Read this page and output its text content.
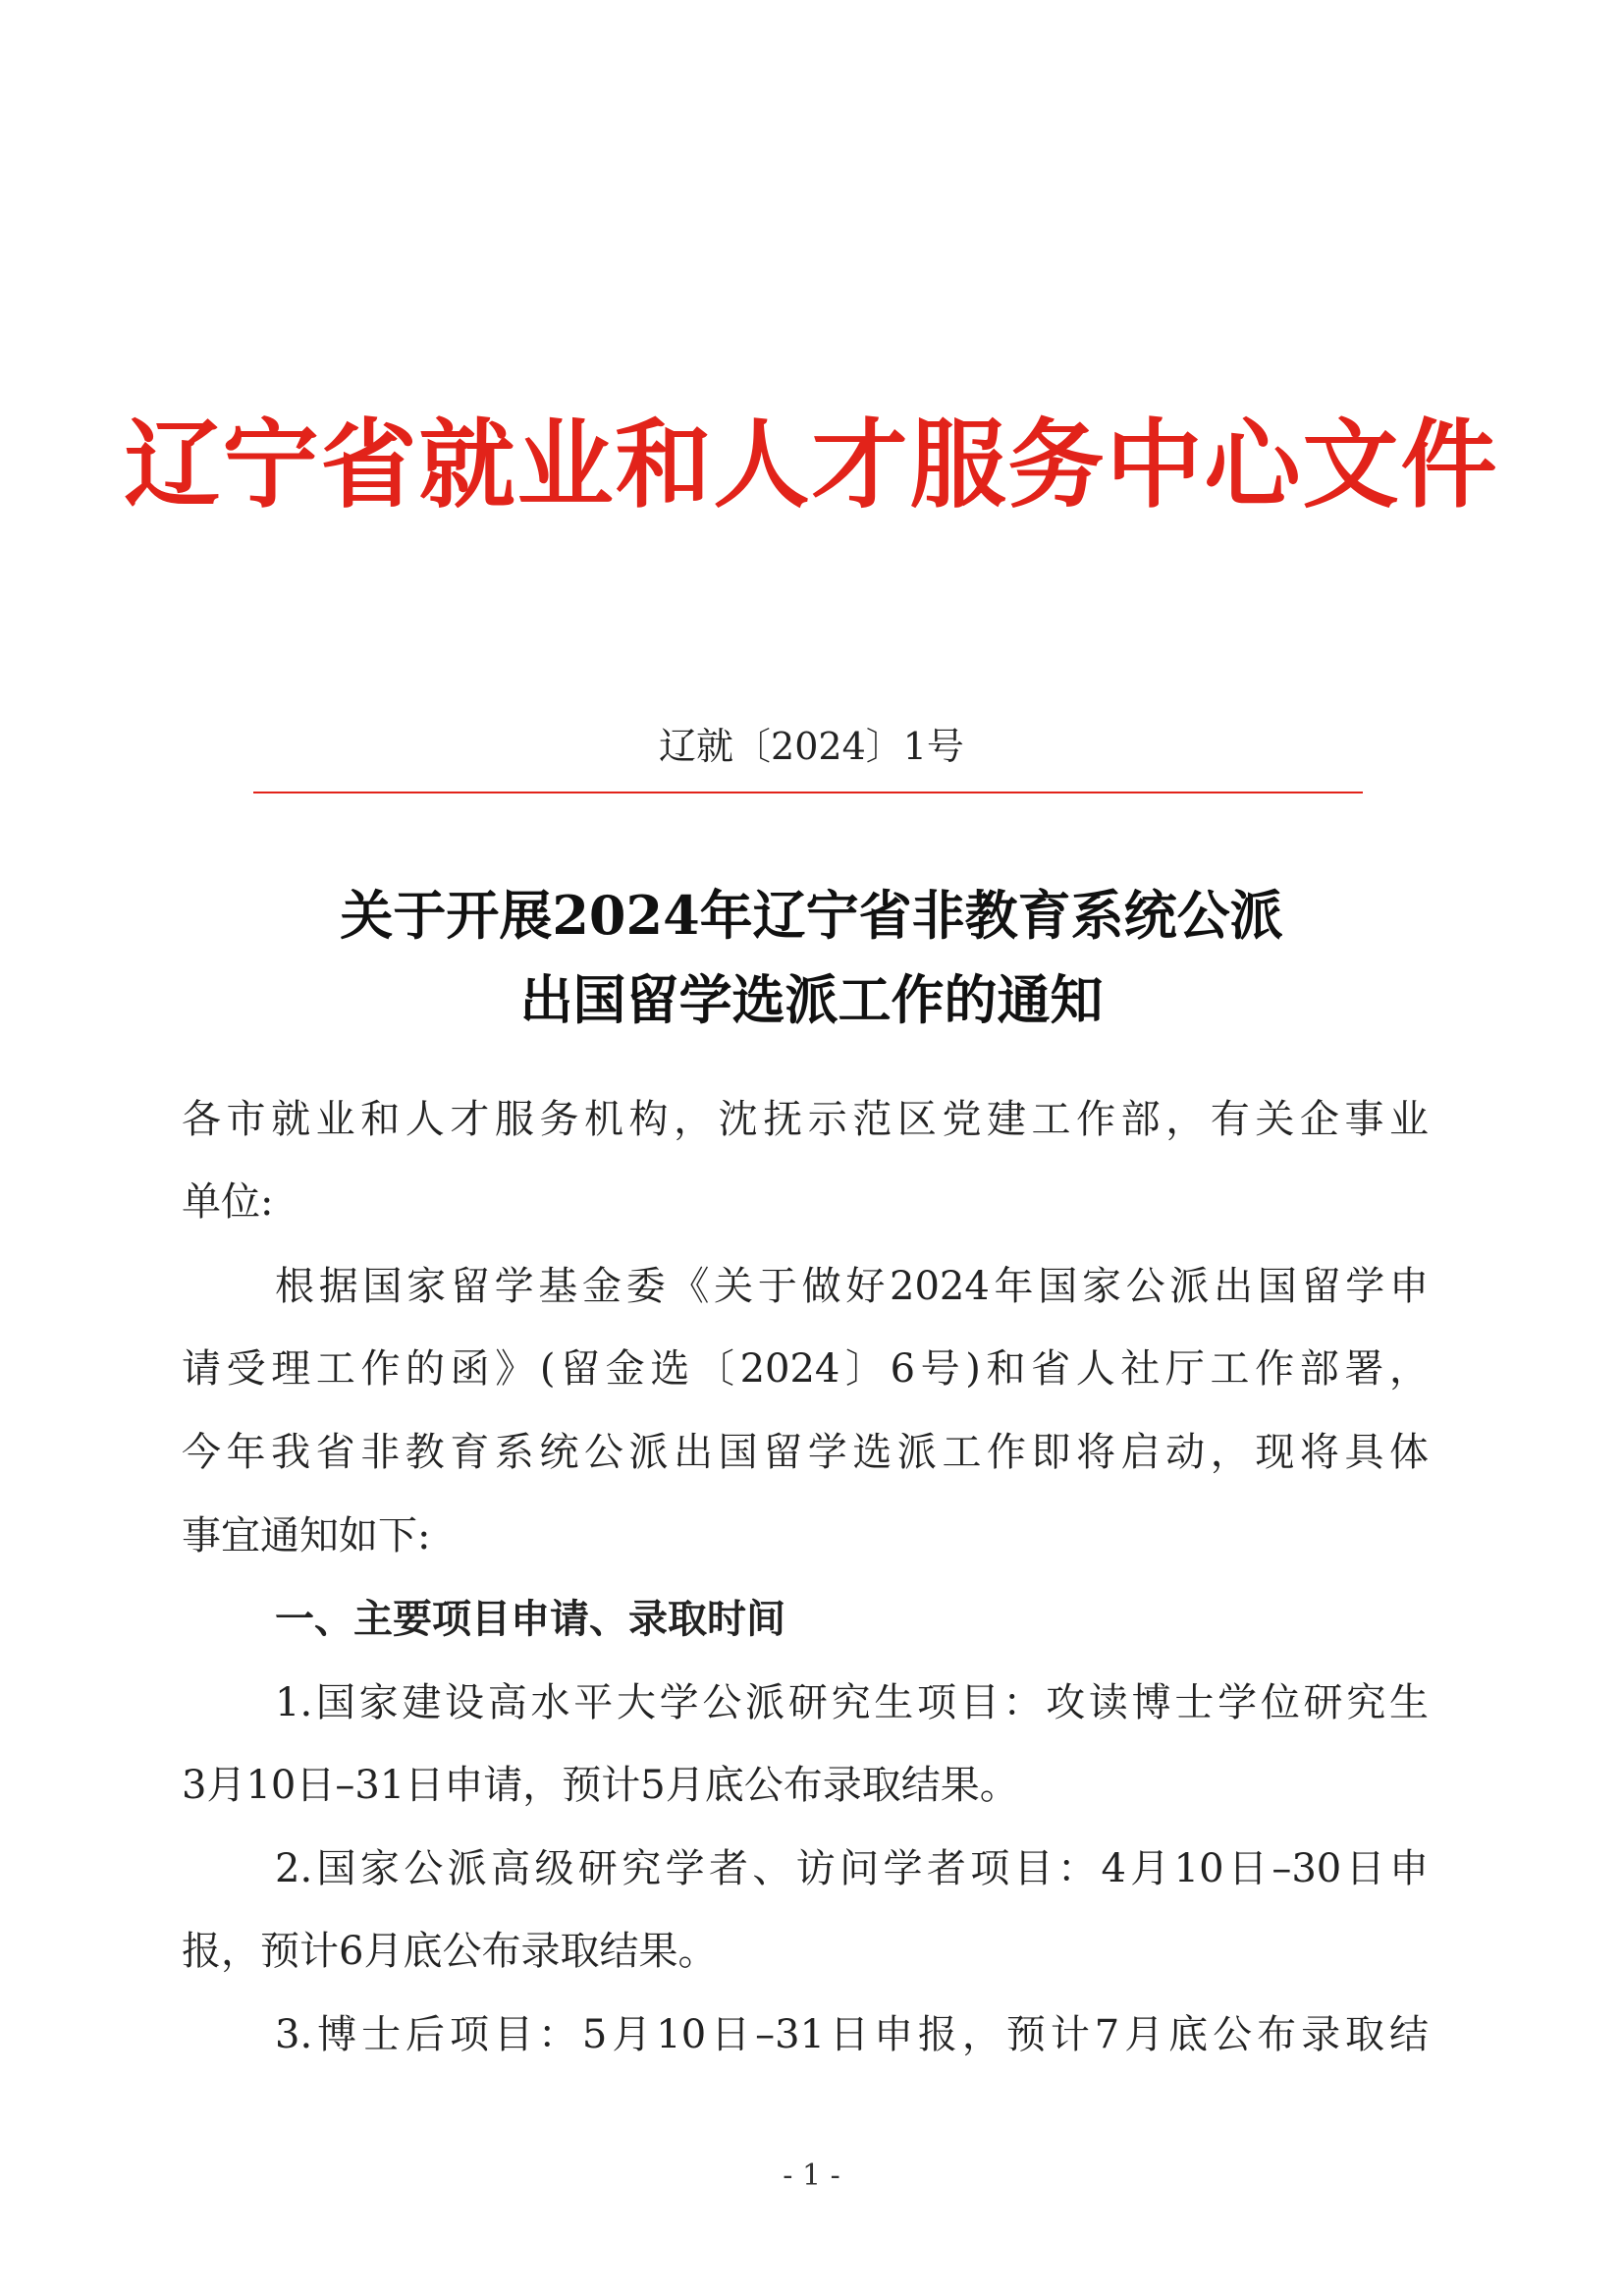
辽宁省就业和人才服务中心文件
辽就〔2024〕1号
关于开展2024年辽宁省非教育系统公派
出国留学选派工作的通知
各市就业和人才服务机构，沈抚示范区党建工作部，有关企事业
单位:
根据国家留学基金委《关于做好2024年国家公派出国留学申
请受理工作的函》(留金选〔2024〕6号)和省人社厅工作部署，
今年我省非教育系统公派出国留学选派工作即将启动，现将具体
事宜通知如下:
一、主要项目申请、录取时间
1.国家建设高水平大学公派研究生项目：攻读博士学位研究生
3月10日–31日申请，预计5月底公布录取结果。
2.国家公派高级研究学者、访问学者项目：4月10日–30日申
报，预计6月底公布录取结果。
3.博士后项目：5月10日–31日申报，预计7月底公布录取结
- 1 -
